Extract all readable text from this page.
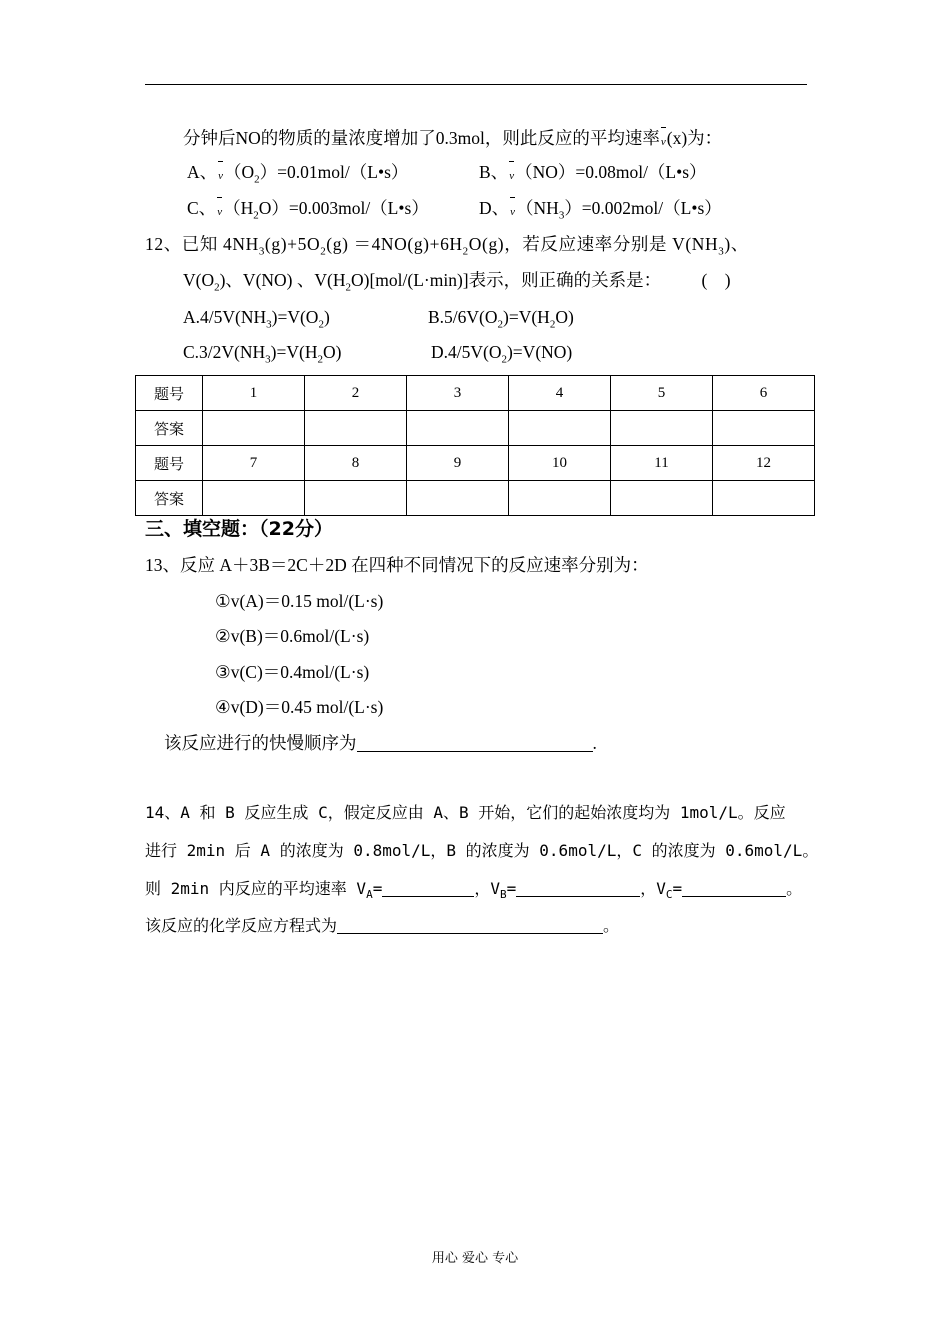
分钟后NO的物质的量浓度增加了0.3mol，则此反应的平均速率v(x)为：
A、$v(O_2)=0.01mol/(L•s)$	B、v（NO）=0.08mol/（L•s）
C、$v(H_2O)=0.003mol/(L•s)$	D、$v(NH_3)=0.002mol/(L•s)$
12、已知 $4NH_3(g)+5O_2(g) =4NO(g)+6H_2O(g)$，若反应速率分别是 $V(NH_3)$、
$V(O_2)$、V(NO) 、$V(H_2O)[mol/(L\cdot\min)]$表示，则正确的关系是： (    )
$A.4/5V(NH_3)=V(O_2)$	$B.5/6V(O_2)=V(H_2O)$
$C.3/2V(NH_3)=V(H_2O)$	$D.4/5V(O_2)=V(NO)$
题号	1	2	3	4	5	6
答案						
题号	7	8	9	10	11	12
答案						
三、填空题：（22分）
13、反应 A＋3B＝2C＋2D 在四种不同情况下的反应速率分别为：
①v(A)＝0.15 mol/(L·s)
②v(B)＝0.6mol/(L·s)
③v(C)＝0.4mol/(L·s)
④v(D)＝0.45 mol/(L·s)
该反应进行的快慢顺序为	.
14、A 和 B 反应生成 C，假定反应由 A、B 开始，它们的起始浓度均为 1mol/L。反应
进行 2min 后 A 的浓度为 0.8mol/L，B 的浓度为 0.6mol/L，C 的浓度为 0.6mol/L。
则 2min 内反应的平均速率 $V_A=$	，$V_B=$	，$V_C=$	。
该反应的化学反应方程式为	。
用心 爱心 专心
